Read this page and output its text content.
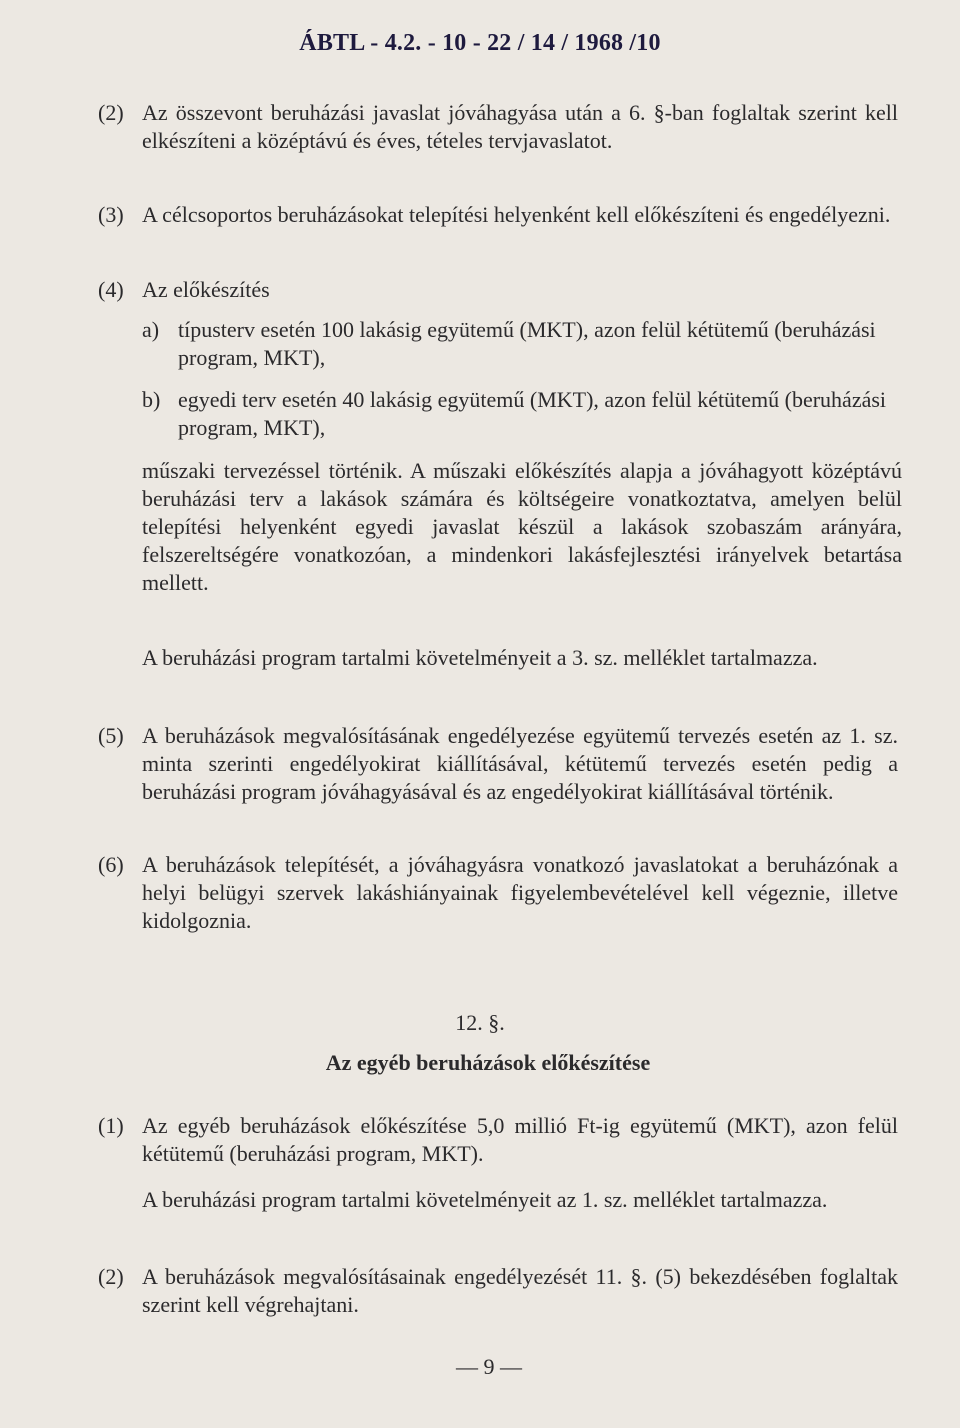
ÁBTL - 4.2. - 10 - 22 / 14 / 1968 /10
(2) Az összevont beruházási javaslat jóváhagyása után a 6. §-ban foglaltak szerint kell elkészíteni a középtávú és éves, tételes tervjavaslatot.
(3) A célcsoportos beruházásokat telepítési helyenként kell előkészíteni és engedélyezni.
(4) Az előkészítés
a) típusterv esetén 100 lakásig együtemű (MKT), azon felül kétütemű (beruházási program, MKT),
b) egyedi terv esetén 40 lakásig együtemű (MKT), azon felül kétütemű (beruházási program, MKT),
műszaki tervezéssel történik. A műszaki előkészítés alapja a jóváhagyott középtávú beruházási terv a lakások számára és költségeire vonatkoztatva, amelyen belül telepítési helyenként egyedi javaslat készül a lakások szobaszám arányára, felszereltségére vonatkozóan, a mindenkori lakásfejlesztési irányelvek betartása mellett.
A beruházási program tartalmi követelményeit a 3. sz. melléklet tartalmazza.
(5) A beruházások megvalósításának engedélyezése együtemű tervezés esetén az 1. sz. minta szerinti engedélyokirat kiállításával, kétütemű tervezés esetén pedig a beruházási program jóváhagyásával és az engedélyokirat kiállításával történik.
(6) A beruházások telepítését, a jóváhagyásra vonatkozó javaslatokat a beruházónak a helyi belügyi szervek lakáshiányainak figyelembevételével kell végeznie, illetve kidolgoznia.
12. §.
Az egyéb beruházások előkészítése
(1) Az egyéb beruházások előkészítése 5,0 millió Ft-ig együtemű (MKT), azon felül kétütemű (beruházási program, MKT).
A beruházási program tartalmi követelményeit az 1. sz. melléklet tartalmazza.
(2) A beruházások megvalósításainak engedélyezését 11. §. (5) bekezdésében foglaltak szerint kell végrehajtani.
— 9 —
